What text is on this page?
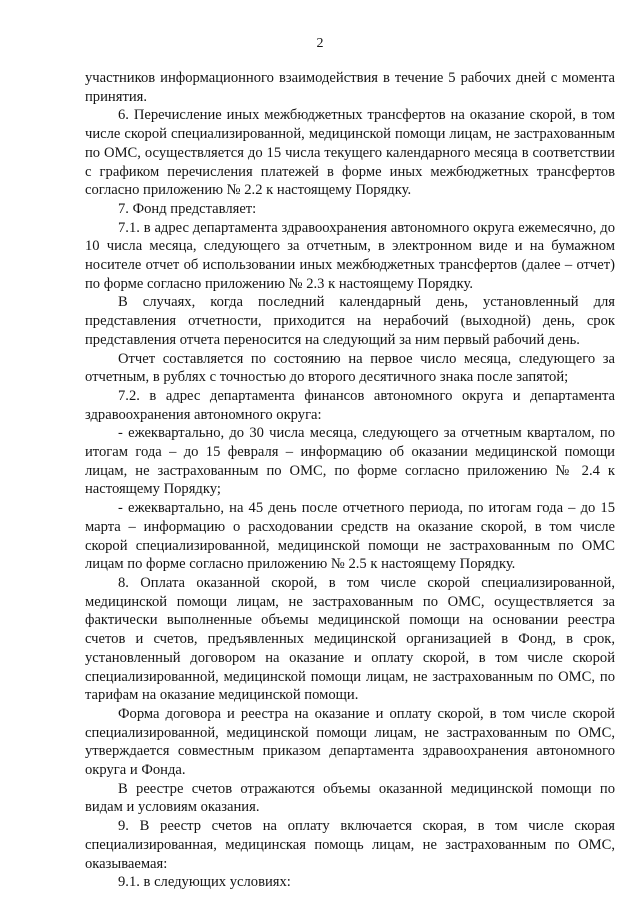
2

участников информационного взаимодействия в течение 5 рабочих дней с момента принятия.

6. Перечисление иных межбюджетных трансфертов на оказание скорой, в том числе скорой специализированной, медицинской помощи лицам, не застрахованным по ОМС, осуществляется до 15 числа текущего календарного месяца в соответствии с графиком перечисления платежей в форме иных межбюджетных трансфертов согласно приложению № 2.2 к настоящему Порядку.

7. Фонд представляет:

7.1. в адрес департамента здравоохранения автономного округа ежемесячно, до 10 числа месяца, следующего за отчетным, в электронном виде и на бумажном носителе отчет об использовании иных межбюджетных трансфертов (далее – отчет) по форме согласно приложению № 2.3 к настоящему Порядку.

В случаях, когда последний календарный день, установленный для представления отчетности, приходится на нерабочий (выходной) день, срок представления отчета переносится на следующий за ним первый рабочий день.

Отчет составляется по состоянию на первое число месяца, следующего за отчетным, в рублях с точностью до второго десятичного знака после запятой;

7.2. в адрес департамента финансов автономного округа и департамента здравоохранения автономного округа:

- ежеквартально, до 30 числа месяца, следующего за отчетным кварталом, по итогам года – до 15 февраля – информацию об оказании медицинской помощи лицам, не застрахованным по ОМС, по форме согласно приложению № 2.4 к настоящему Порядку;

- ежеквартально, на 45 день после отчетного периода, по итогам года – до 15 марта – информацию о расходовании средств на оказание скорой, в том числе скорой специализированной, медицинской помощи не застрахованным по ОМС лицам по форме согласно приложению № 2.5 к настоящему Порядку.

8. Оплата оказанной скорой, в том числе скорой специализированной, медицинской помощи лицам, не застрахованным по ОМС, осуществляется за фактически выполненные объемы медицинской помощи на основании реестра счетов и счетов, предъявленных медицинской организацией в Фонд, в срок, установленный договором на оказание и оплату скорой, в том числе скорой специализированной, медицинской помощи лицам, не застрахованным по ОМС, по тарифам на оказание медицинской помощи.

Форма договора и реестра на оказание и оплату скорой, в том числе скорой специализированной, медицинской помощи лицам, не застрахованным по ОМС, утверждается совместным приказом департамента здравоохранения автономного округа и Фонда.

В реестре счетов отражаются объемы оказанной медицинской помощи по видам и условиям оказания.

9. В реестр счетов на оплату включается скорая, в том числе скорая специализированная, медицинская помощь лицам, не застрахованным по ОМС, оказываемая:

9.1. в следующих условиях:
